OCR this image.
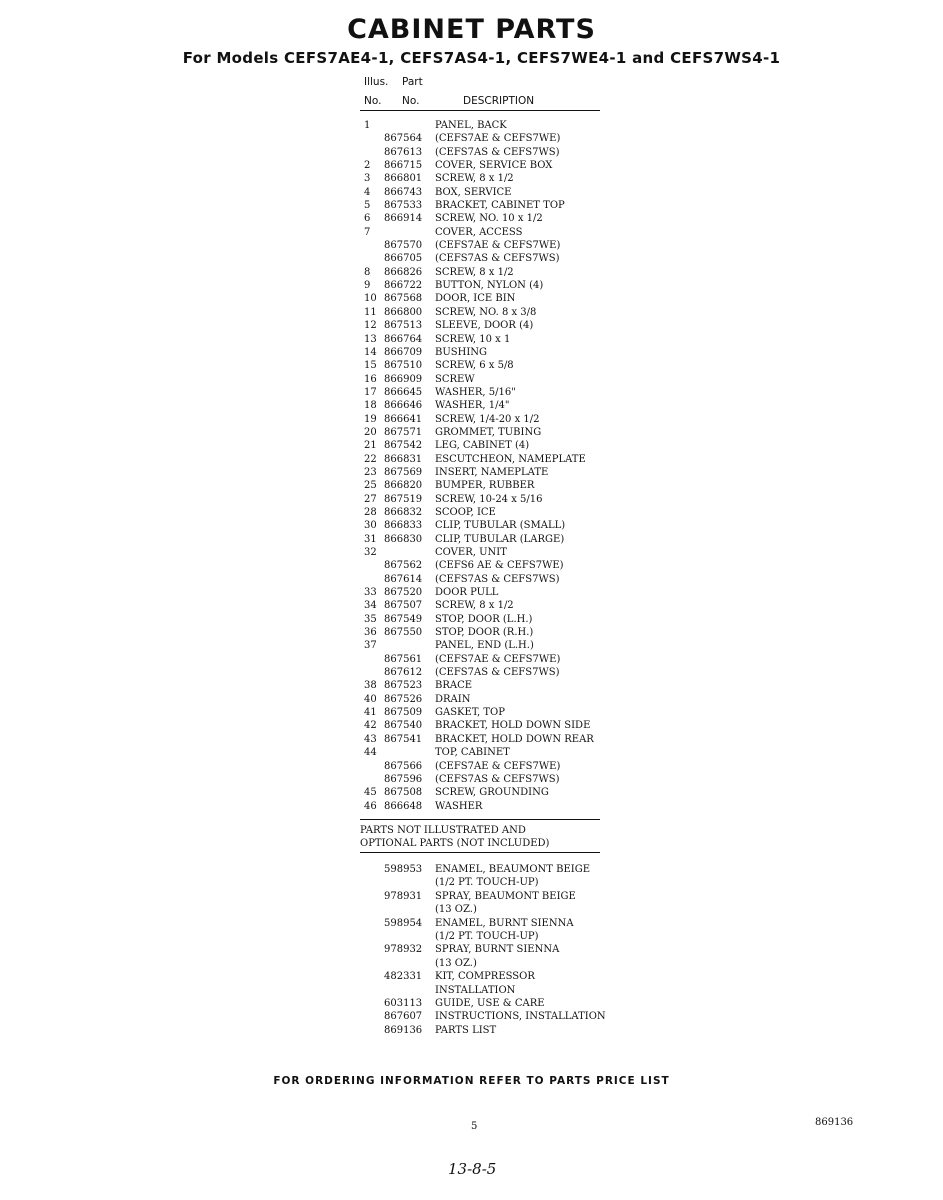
CABINET PARTS
For Models CEFS7AE4-1, CEFS7AS4-1, CEFS7WE4-1 and CEFS7WS4-1
Illus. Part
No. No.	DESCRIPTION
1	PANEL, BACK
867564 (CEFS7AE & CEFS7WE)
867613 (CEFS7AS & CEFS7WS)
2 866715 COVER, SERVICE BOX
3 866801 SCREW, 8 x 1/2
4 866743 BOX, SERVICE
5 867533 BRACKET, CABINET TOP
6 866914 SCREW, NO. 10 x 1/2
7	COVER, ACCESS
867570 (CEFS7AE & CEFS7WE)
866705 (CEFS7AS & CEFS7WS)
8 866826 SCREW, 8 x 1/2
9 866722 BUTTON, NYLON (4)
10 867568 DOOR, ICE BIN
11 866800 SCREW, NO. 8 x 3/8
12 867513 SLEEVE, DOOR (4)
13 866764 SCREW, 10 x 1
14 866709 BUSHING
15 867510 SCREW, 6 x 5/8
16 866909 SCREW
17 866645 WASHER, 5/16"
18 866646 WASHER, 1/4"
19 866641 SCREW, 1/4-20 x 1/2
20 867571 GROMMET, TUBING
21 867542 LEG, CABINET (4)
22 866831 ESCUTCHEON, NAMEPLATE
23 867569 INSERT, NAMEPLATE
25 866820 BUMPER, RUBBER
27 867519 SCREW, 10-24 x 5/16
28 866832 SCOOP, ICE
30 866833 CLIP, TUBULAR (SMALL)
31 866830 CLIP, TUBULAR (LARGE)
32	COVER, UNIT
867562 (CEFS6 AE & CEFS7WE)
867614 (CEFS7AS & CEFS7WS)
33 867520 DOOR PULL
34 867507 SCREW, 8 x 1/2
35 867549 STOP, DOOR (L.H.)
36 867550 STOP, DOOR (R.H.)
37	PANEL, END (L.H.)
867561 (CEFS7AE & CEFS7WE)
867612 (CEFS7AS & CEFS7WS)
38 867523 BRACE
40 867526 DRAIN
41 867509 GASKET, TOP
42 867540 BRACKET, HOLD DOWN SIDE
43 867541 BRACKET, HOLD DOWN REAR
44	TOP, CABINET
867566 (CEFS7AE & CEFS7WE)
867596 (CEFS7AS & CEFS7WS)
45 867508 SCREW, GROUNDING
46 866648 WASHER
PARTS NOT ILLUSTRATED AND
OPTIONAL PARTS (NOT INCLUDED)
598953 ENAMEL, BEAUMONT BEIGE
(1/2 PT. TOUCH-UP)
978931 SPRAY, BEAUMONT BEIGE
(13 OZ.)
598954 ENAMEL, BURNT SIENNA
(1/2 PT. TOUCH-UP)
978932 SPRAY, BURNT SIENNA
(13 OZ.)
482331 KIT, COMPRESSOR
INSTALLATION
603113 GUIDE, USE & CARE
867607 INSTRUCTIONS, INSTALLATION
869136 PARTS LIST
FOR ORDERING INFORMATION REFER TO PARTS PRICE LIST
5	869136
13-8-5
